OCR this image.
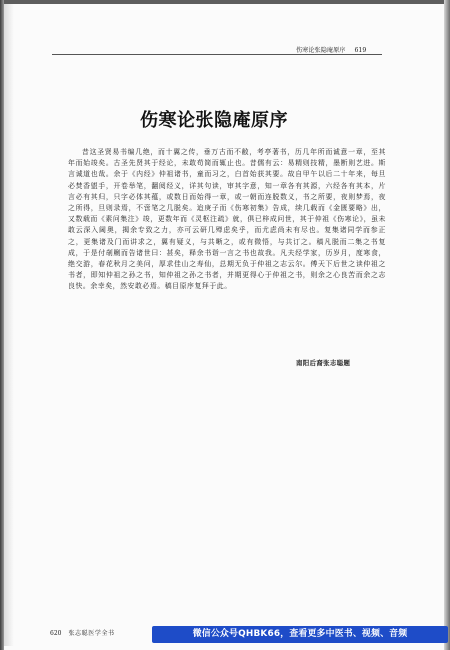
伤寒论张隐庵原序 619
伤寒论张隐庵原序

昔这圣贤易书编几绝，而十翼之传，垂万古而不敝，考亭著书，历几年所而诚意一章，至其年而始竣矣。古圣先贤其于经论，未敢苟简而辄止也。昔儒有云：易精则技精，墨断则艺进。斯言诚道也哉。余于《内经》仲祖诸书，童而习之，白首始获其要。故自甲午以后二十年来，每旦必焚香盥手，开卷举笔，翻阅经义，详其句读，审其字意，知一章各有其源，六经各有其本，片言必有其归，只字必体其蕴，或数日而始得一章，或一朝而连脱数义，书之所要，夜则梦焉，夜之所得，旦则录焉，不啻笔之几脱矣。迨庚子而《伤寒初集》告成，续几载而《金匮要略》出，又数载而《素问集注》竣，更数年而《灵枢注疏》就，俱已梓成问世，其于仲祖《伤寒论》，虽未敢云深入阃奥，揭余专致之力，亦可云研几殚虑矣乎，而尤虑尚未有尽也。复集诸同学而参正之，更集诸及门而讲求之，翼有疑义，与共晰之，或有微悟，与共订之。稿凡脱而二集之书复成，于是付剞劂而告诸世曰：甚矣，释余书诣一言之书也故我。凡夫经学家，历岁月，度寒食，绝交游，春花秋月之美问，厚求佳山之寿仙，总期无负于仲祖之志云尔。傅天下后世之读仲祖之书者，即知仲祖之孙之书，知仲祖之孙之书者，并期更得心于仲祖之书，则余之心良苦而余之志良快。余幸矣，然安敢必焉。稿目原序复拜于此。

南阳后裔张志聪题
620 张志聪医学全书	微信公众号QHBK66，查看更多中医书、视频、音频
